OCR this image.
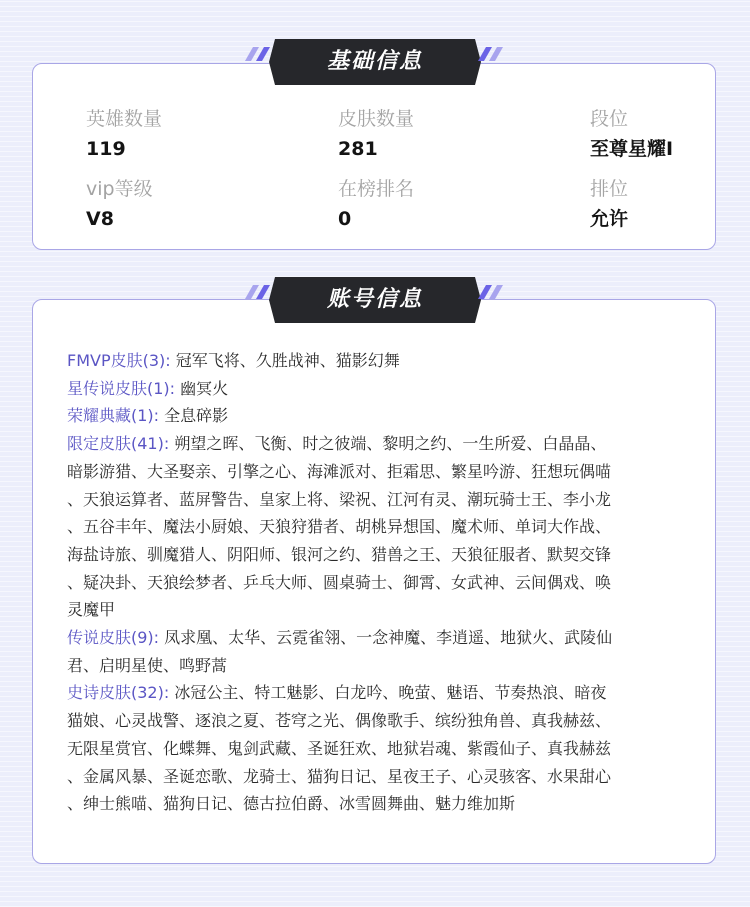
英雄数量
119
皮肤数量
281
段位
至尊星耀I
vip等级
V8
在榜排名
0
排位
允许
基础信息
FMVP皮肤(3): 冠军飞将、久胜战神、猫影幻舞
星传说皮肤(1): 幽冥火
荣耀典藏(1): 全息碎影
限定皮肤(41): 朔望之晖、飞衡、时之彼端、黎明之约、一生所爱、白晶晶、
暗影游猎、大圣娶亲、引擎之心、海滩派对、拒霜思、繁星吟游、狂想玩偶喵
、天狼运算者、蓝屏警告、皇家上将、梁祝、江河有灵、潮玩骑士王、李小龙
、五谷丰年、魔法小厨娘、天狼狩猎者、胡桃异想国、魔术师、单词大作战、
海盐诗旅、驯魔猎人、阴阳师、银河之约、猎兽之王、天狼征服者、默契交锋
、疑决卦、天狼绘梦者、乒乓大师、圆桌骑士、御霄、女武神、云间偶戏、唤
灵魔甲
传说皮肤(9): 凤求凰、太华、云霓雀翎、一念神魔、李逍遥、地狱火、武陵仙
君、启明星使、鸣野蒿
史诗皮肤(32): 冰冠公主、特工魅影、白龙吟、晚萤、魅语、节奏热浪、暗夜
猫娘、心灵战警、逐浪之夏、苍穹之光、偶像歌手、缤纷独角兽、真我赫兹、
无限星赏官、化蝶舞、鬼剑武藏、圣诞狂欢、地狱岩魂、紫霞仙子、真我赫兹
、金属风暴、圣诞恋歌、龙骑士、猫狗日记、星夜王子、心灵骇客、水果甜心
、绅士熊喵、猫狗日记、德古拉伯爵、冰雪圆舞曲、魅力维加斯
账号信息
